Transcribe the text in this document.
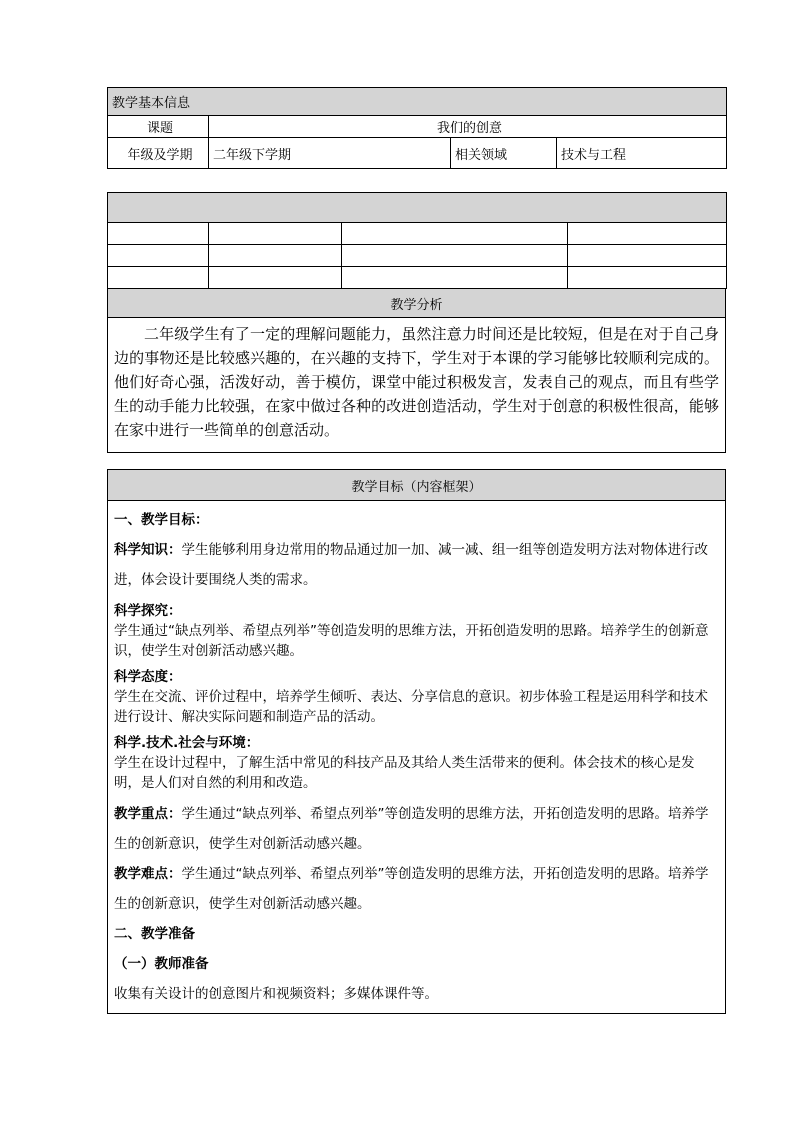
教学基本信息			
课题	我们的创意		
年级及学期	二年级下学期	相关领域	技术与工程

教学分析
二年级学生有了一定的理解问题能力，虽然注意力时间还是比较短，但是在对于自己身边的事物还是比较感兴趣的，在兴趣的支持下，学生对于本课的学习能够比较顺利完成的。他们好奇心强，活泼好动，善于模仿，课堂中能过积极发言，发表自己的观点，而且有些学生的动手能力比较强，在家中做过各种的改进创造活动，学生对于创意的积极性很高，能够在家中进行一些简单的创意活动。
教学目标（内容框架）

一、教学目标：

科学知识：学生能够利用身边常用的物品通过加一加、减一减、组一组等创造发明方法对物体进行改进，体会设计要围绕人类的需求。

科学探究：

学生通过“缺点列举、希望点列举”等创造发明的思维方法，开拓创造发明的思路。培养学生的创新意识，使学生对创新活动感兴趣。

科学态度：

学生在交流、评价过程中，培养学生倾听、表达、分享信息的意识。初步体验工程是运用科学和技术进行设计、解决实际问题和制造产品的活动。

科学.技术.社会与环境：

学生在设计过程中，了解生活中常见的科技产品及其给人类生活带来的便利。体会技术的核心是发明，是人们对自然的利用和改造。

教学重点：学生通过“缺点列举、希望点列举”等创造发明的思维方法，开拓创造发明的思路。培养学生的创新意识，使学生对创新活动感兴趣。

教学难点：学生通过“缺点列举、希望点列举”等创造发明的思维方法，开拓创造发明的思路。培养学生的创新意识，使学生对创新活动感兴趣。

二、教学准备

（一）教师准备

收集有关设计的创意图片和视频资料；多媒体课件等。
